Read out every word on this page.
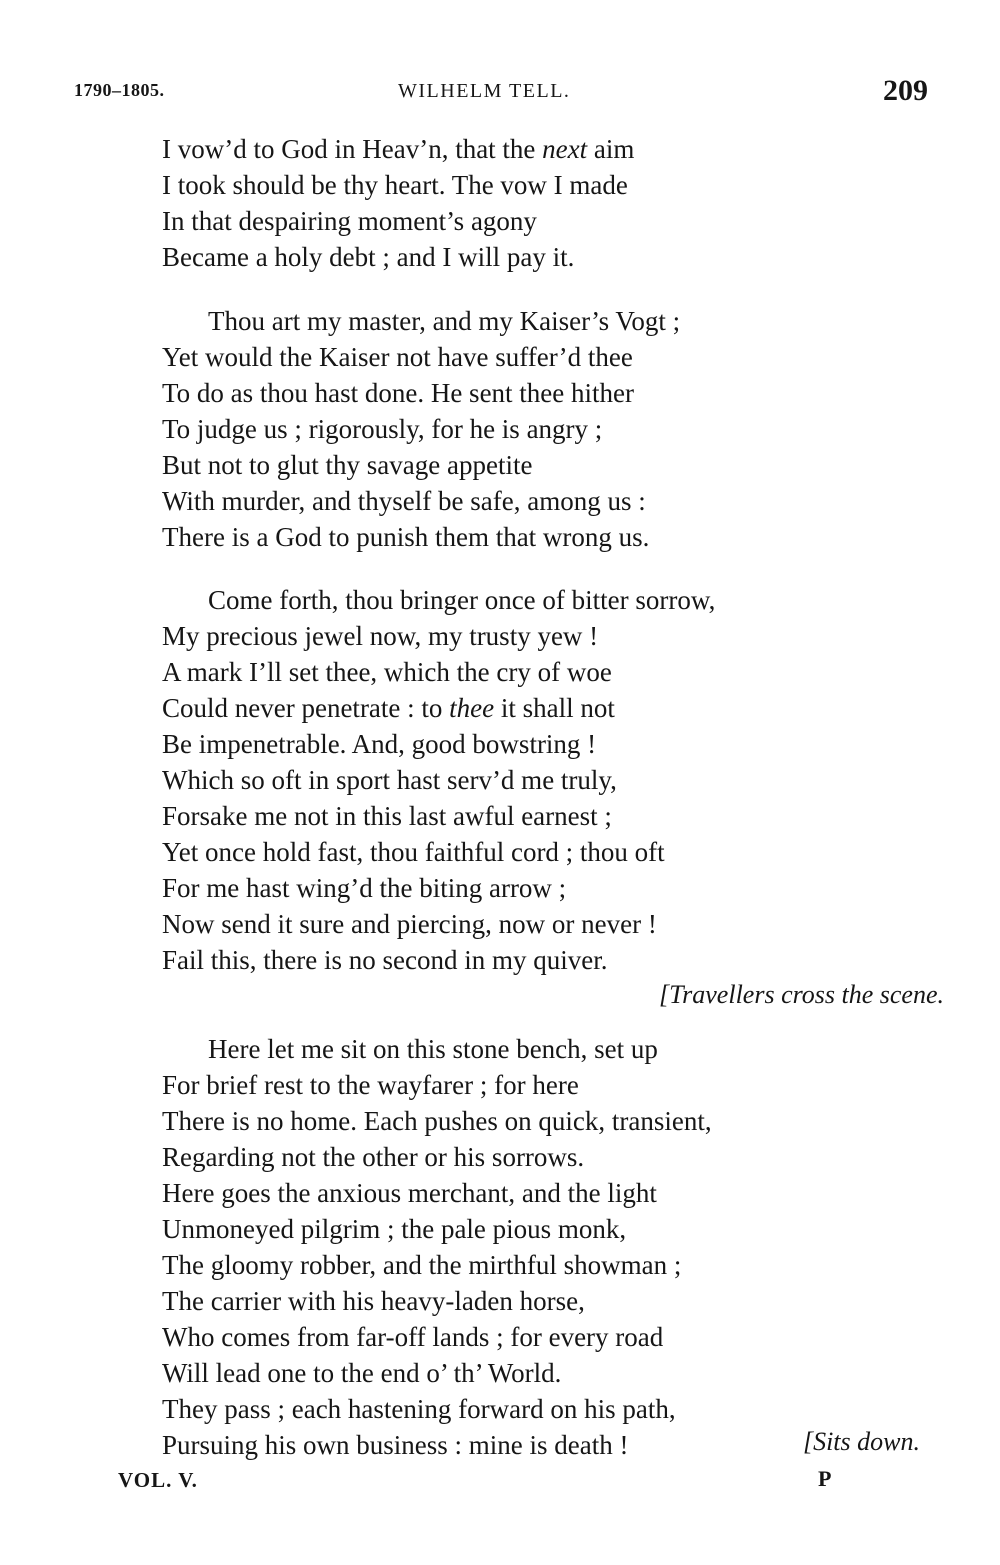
1790–1805.	WILHELM TELL.	209
I vow’d to God in Heav’n, that the next aim
I took should be thy heart. The vow I made
In that despairing moment’s agony
Became a holy debt ; and I will pay it.
Thou art my master, and my Kaiser’s Vogt ;
Yet would the Kaiser not have suffer’d thee
To do as thou hast done. He sent thee hither
To judge us ; rigorously, for he is angry ;
But not to glut thy savage appetite
With murder, and thyself be safe, among us :
There is a God to punish them that wrong us.
Come forth, thou bringer once of bitter sorrow,
My precious jewel now, my trusty yew !
A mark I’ll set thee, which the cry of woe
Could never penetrate : to thee it shall not
Be impenetrable. And, good bowstring !
Which so oft in sport hast serv’d me truly,
Forsake me not in this last awful earnest ;
Yet once hold fast, thou faithful cord ; thou oft
For me hast wing’d the biting arrow ;
Now send it sure and piercing, now or never !
Fail this, there is no second in my quiver.
[Travellers cross the scene.
Here let me sit on this stone bench, set up
For brief rest to the wayfarer ; for here
There is no home. Each pushes on quick, transient,
Regarding not the other or his sorrows.
Here goes the anxious merchant, and the light
Unmoneyed pilgrim ; the pale pious monk,
The gloomy robber, and the mirthful showman ;
The carrier with his heavy-laden horse,
Who comes from far-off lands ; for every road
Will lead one to the end o’ th’ World.
They pass ; each hastening forward on his path,
Pursuing his own business : mine is death !	[Sits down.
VOL. V.	P
